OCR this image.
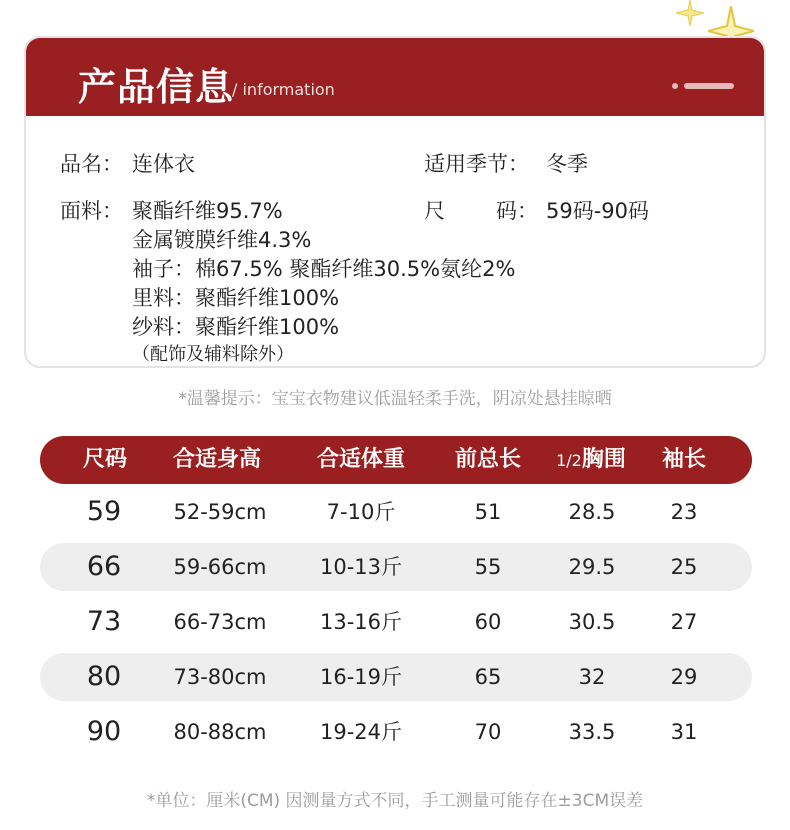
产品信息
/ information
品名： 连体衣	适用季节： 冬季
面料： 聚酯纤维95.7%
金属镀膜纤维4.3%
袖子：棉67.5% 聚酯纤维30.5%氨纶2%
里料：聚酯纤维100%
纱料：聚酯纤维100%
（配饰及辅料除外）
尺 码： 59码-90码
*温馨提示：宝宝衣物建议低温轻柔手洗，阴凉处悬挂晾晒
尺码	合适身高	合适体重	前总长	1/2胸围	袖长
59	52-59cm	7-10斤	51	28.5	23
66	59-66cm	10-13斤	55	29.5	25
73	66-73cm	13-16斤	60	30.5	27
80	73-80cm	16-19斤	65	32	29
90	80-88cm	19-24斤	70	33.5	31
*单位：厘米(CM) 因测量方式不同，手工测量可能存在±3CM误差
